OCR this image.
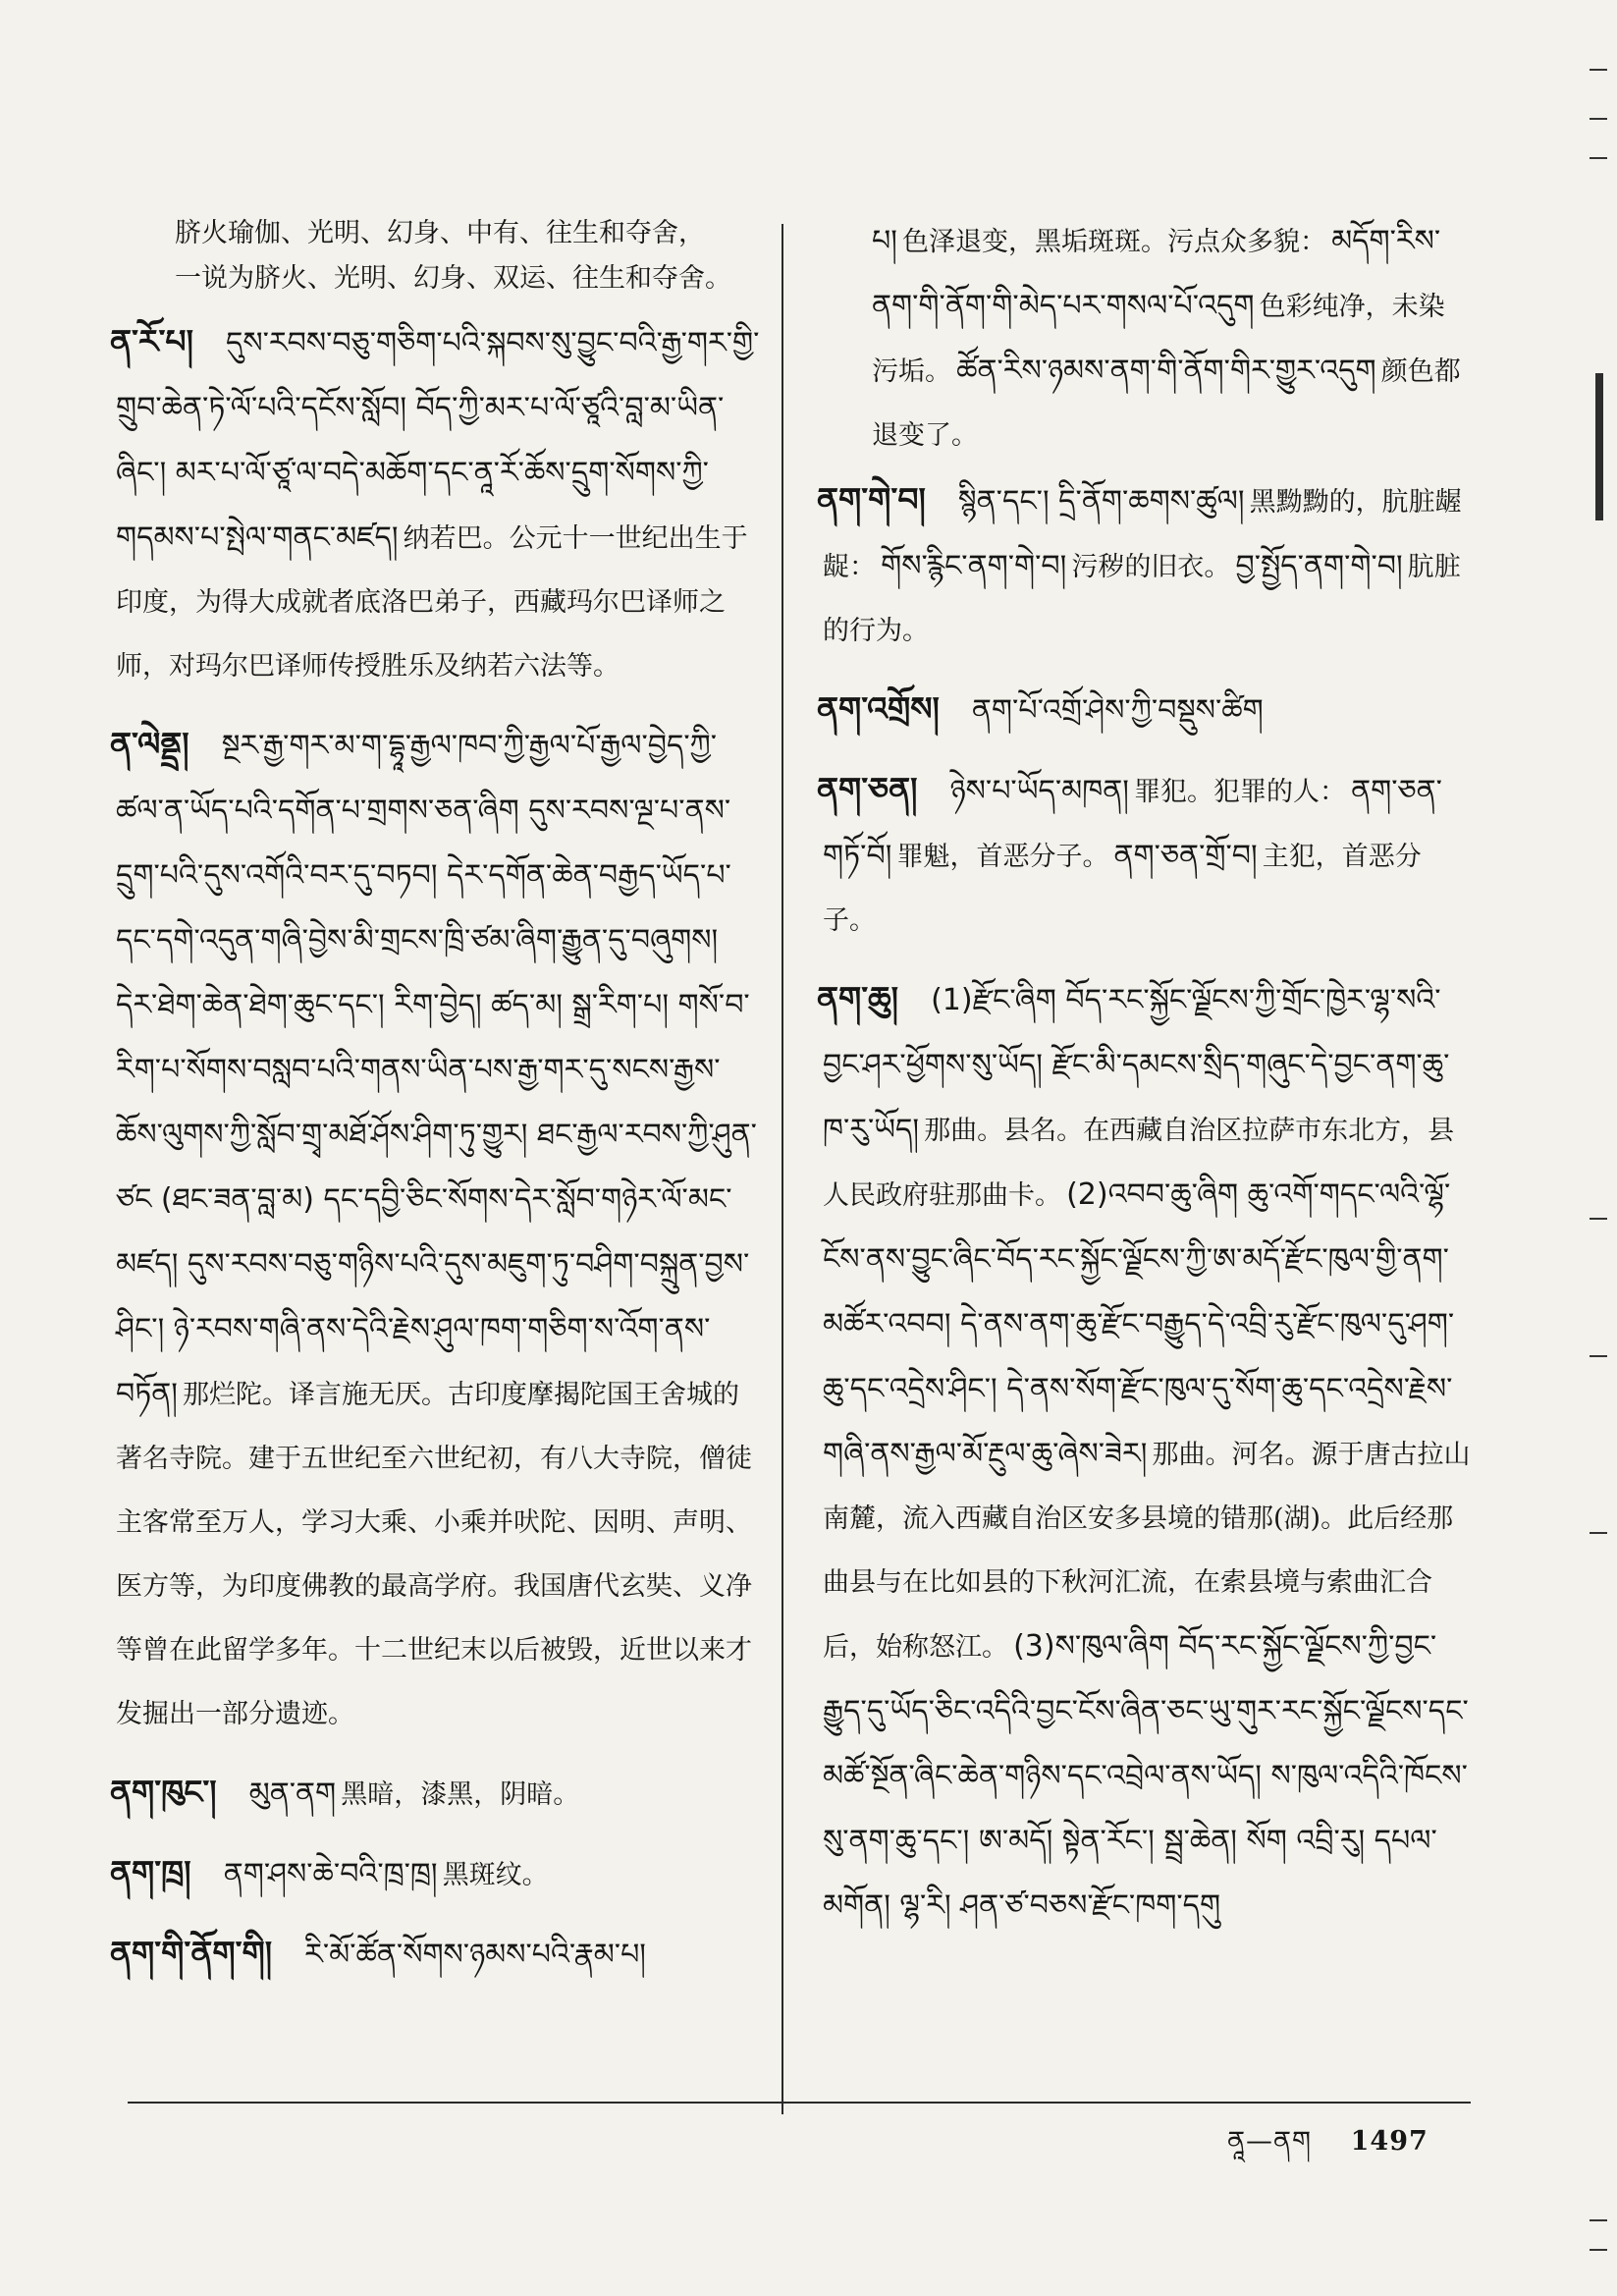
脐火瑜伽、光明、幻身、中有、往生和夺舍，
一说为脐火、光明、幻身、双运、往生和夺舍。
ན་རོ་པ། དུས་རབས་བཅུ་གཅིག་པའི་སྐབས་སུ་བྱུང་བའི་རྒྱ་གར་གྱི་གྲུབ་ཆེན་ཏེ་ལོ་པའི་དངོས་སློབ། བོད་ཀྱི་མར་པ་ལོ་ཙཱའི་བླ་མ་ཡིན་ཞིང་། མར་པ་ལོ་ཙཱ་ལ་བདེ་མཆོག་དང་ནཱ་རོ་ཆོས་དྲུག་སོགས་ཀྱི་གདམས་པ་སྤེལ་གནང་མཛད། 纳若巴。公元十一世纪出生于印度，为得大成就者底洛巴弟子，西藏玛尔巴译师之师，对玛尔巴译师传授胜乐及纳若六法等。
ན་ལེནྡྲ། སྔར་རྒྱ་གར་མ་ག་དྷཱ་རྒྱལ་ཁབ་ཀྱི་རྒྱལ་པོ་རྒྱལ་བྱེད་ཀྱི་ཚལ་ན་ཡོད་པའི་དགོན་པ་གྲགས་ཅན་ཞིག དུས་རབས་ལྔ་པ་ནས་དྲུག་པའི་དུས་འགོའི་བར་དུ་བཏབ། དེར་དགོན་ཆེན་བརྒྱད་ཡོད་པ་དང་དགེ་འདུན་གཞི་བྱེས་མི་གྲངས་ཁྲི་ཙམ་ཞིག་རྒྱུན་དུ་བཞུགས། དེར་ཐེག་ཆེན་ཐེག་ཆུང་དང་། རིག་བྱེད། ཚད་མ། སྒྲ་རིག་པ། གསོ་བ་རིག་པ་སོགས་བསླབ་པའི་གནས་ཡིན་པས་རྒྱ་གར་དུ་སངས་རྒྱས་ཆོས་ལུགས་ཀྱི་སློབ་གྲྭ་མཐོ་ཤོས་ཤིག་ཏུ་གྱུར། ཐང་རྒྱལ་རབས་ཀྱི་ཤུན་ཙང (ཐང་ཟན་བླ་མ) དང་དབྱི་ཅིང་སོགས་དེར་སློབ་གཉེར་ལོ་མང་མཛད། དུས་རབས་བཅུ་གཉིས་པའི་དུས་མཇུག་ཏུ་བཤིག་བསྐྲུན་བྱས་ཤིང་། ཉེ་རབས་གཞི་ནས་དེའི་རྗེས་ཤུལ་ཁག་གཅིག་ས་འོག་ནས་བཏོན། 那烂陀。译言施无厌。古印度摩揭陀国王舍城的著名寺院。建于五世纪至六世纪初，有八大寺院，僧徒主客常至万人，学习大乘、小乘并吠陀、因明、声明、医方等，为印度佛教的最高学府。我国唐代玄奘、义净等曾在此留学多年。十二世纪末以后被毁，近世以来才发掘出一部分遗迹。
ནག་ཁུང་། མུན་ནག 黑暗，漆黑，阴暗。
ནག་ཁྲ། ནག་ཤས་ཆེ་བའི་ཁྲ་ཁྲ། 黑斑纹。
ནག་གི་ནོག་གི། རི་མོ་ཚོན་སོགས་ཉམས་པའི་རྣམ་པ།
པ། 色泽退变，黑垢斑斑。污点众多貌： མདོག་རིས་ནག་གི་ནོག་གི་མེད་པར་གསལ་པོ་འདུག 色彩纯净，未染污垢。 ཚོན་རིས་ཉམས་ནག་གི་ནོག་གིར་གྱུར་འདུག 颜色都退变了。
ནག་གེ་བ། སྙིན་དང་། དྲི་ནོག་ཆགས་ཚུལ། 黑黝黝的，肮脏龌龊： གོས་རྙིང་ནག་གེ་བ། 污秽的旧衣。 བྱ་སྤྱོད་ནག་གེ་བ། 肮脏的行为。
ནག་འགྲོས། ནག་པོ་འགྲོ་ཤེས་ཀྱི་བསྡུས་ཚིག
ནག་ཅན། ཉེས་པ་ཡོད་མཁན། 罪犯。犯罪的人： ནག་ཅན་གཏོ་བོ། 罪魁，首恶分子。 ནག་ཅན་གྲོ་བ། 主犯，首恶分子。
ནག་ཆུ། (1)རྫོང་ཞིག བོད་རང་སྐྱོང་ལྗོངས་ཀྱི་གྲོང་ཁྱེར་ལྷ་སའི་བྱང་ཤར་ཕྱོགས་སུ་ཡོད། རྫོང་མི་དམངས་སྲིད་གཞུང་དེ་བྱང་ནག་ཆུ་ཁ་རུ་ཡོད། 那曲。县名。在西藏自治区拉萨市东北方，县人民政府驻那曲卡。 (2)འབབ་ཆུ་ཞིག ཆུ་འགོ་གདང་ལའི་ལྷོ་ངོས་ནས་བྱུང་ཞིང་བོད་རང་སྐྱོང་ལྗོངས་ཀྱི་ཨ་མདོ་རྫོང་ཁུལ་གྱི་ནག་མཚོར་འབབ། དེ་ནས་ནག་ཆུ་རྫོང་བརྒྱུད་དེ་འབྲི་རུ་རྫོང་ཁུལ་དུ་ཤག་ཆུ་དང་འདྲེས་ཤིང་། དེ་ནས་སོག་རྫོང་ཁུལ་དུ་སོག་ཆུ་དང་འདྲེས་རྗེས་གཞི་ནས་རྒྱལ་མོ་རྔུལ་ཆུ་ཞེས་ཟེར། 那曲。河名。源于唐古拉山南麓，流入西藏自治区安多县境的错那(湖)。此后经那曲县与在比如县的下秋河汇流，在索县境与索曲汇合后，始称怒江。 (3)ས་ཁུལ་ཞིག བོད་རང་སྐྱོང་ལྗོངས་ཀྱི་བྱང་རྒྱུད་དུ་ཡོད་ཅིང་འདིའི་བྱང་ངོས་ཞིན་ཅང་ཡུ་གུར་རང་སྐྱོང་ལྗོངས་དང་མཚོ་སྔོན་ཞིང་ཆེན་གཉིས་དང་འབྲེལ་ནས་ཡོད། ས་ཁུལ་འདིའི་ཁོངས་སུ་ནག་ཆུ་དང་། ཨ་མདོ། སྟེན་རོང་། སྦྲ་ཆེན། སོག འབྲི་རུ། དཔལ་མགོན། ལྷ་རི། ཤན་ཙ་བཅས་རྫོང་ཁག་དགུ
ནཱ—ནག 1497
